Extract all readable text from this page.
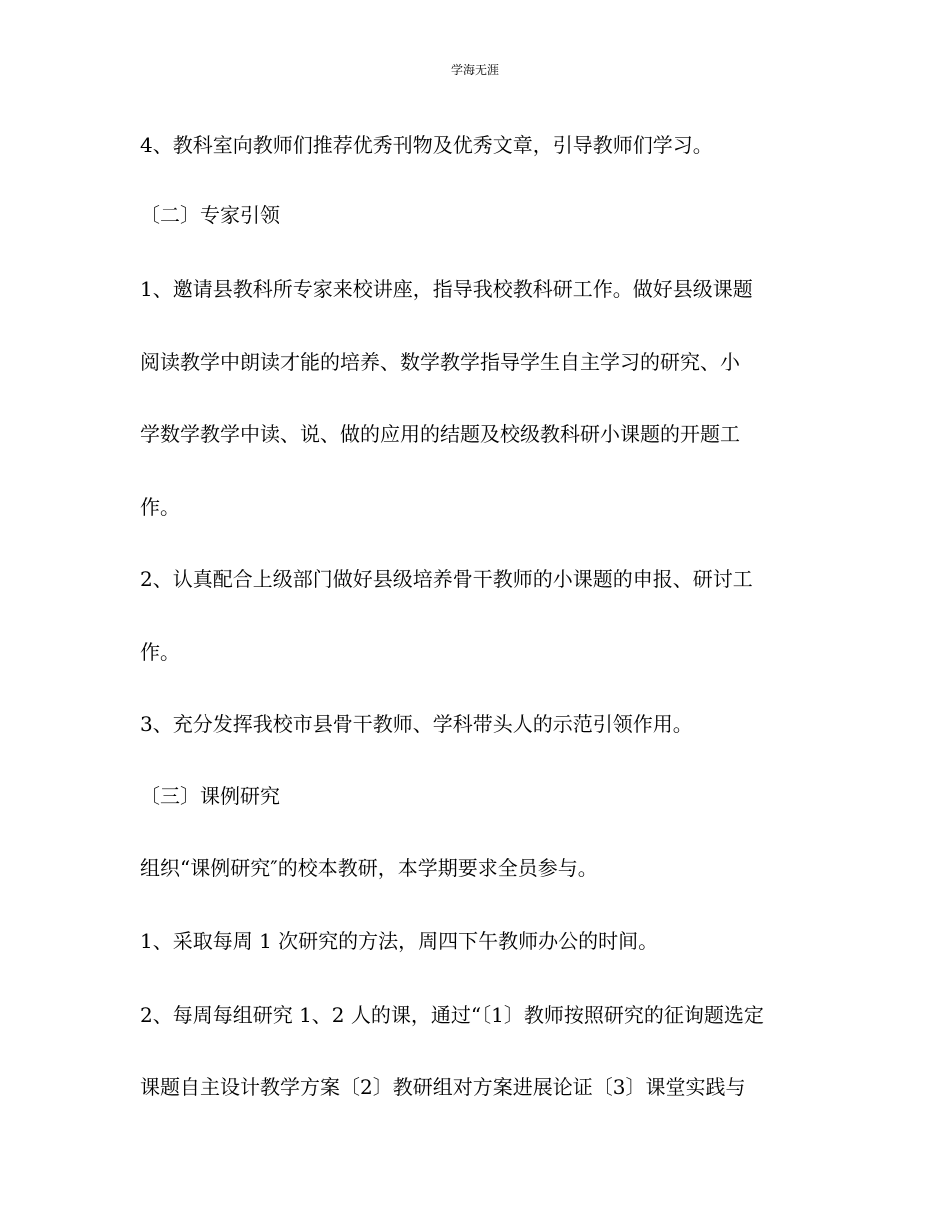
学海无涯
4、教科室向教师们推荐优秀刊物及优秀文章，引导教师们学习。
〔二〕专家引领
1、邀请县教科所专家来校讲座，指导我校教科研工作。做好县级课题
阅读教学中朗读才能的培养、数学教学指导学生自主学习的研究、小
学数学教学中读、说、做的应用的结题及校级教科研小课题的开题工
作。
2、认真配合上级部门做好县级培养骨干教师的小课题的申报、研讨工
作。
3、充分发挥我校市县骨干教师、学科带头人的示范引领作用。
〔三〕课例研究
组织“课例研究″的校本教研，本学期要求全员参与。
1、采取每周 1 次研究的方法，周四下午教师办公的时间。
2、每周每组研究 1、2 人的课，通过“〔1〕教师按照研究的征询题选定
课题自主设计教学方案〔2〕教研组对方案进展论证〔3〕课堂实践与
